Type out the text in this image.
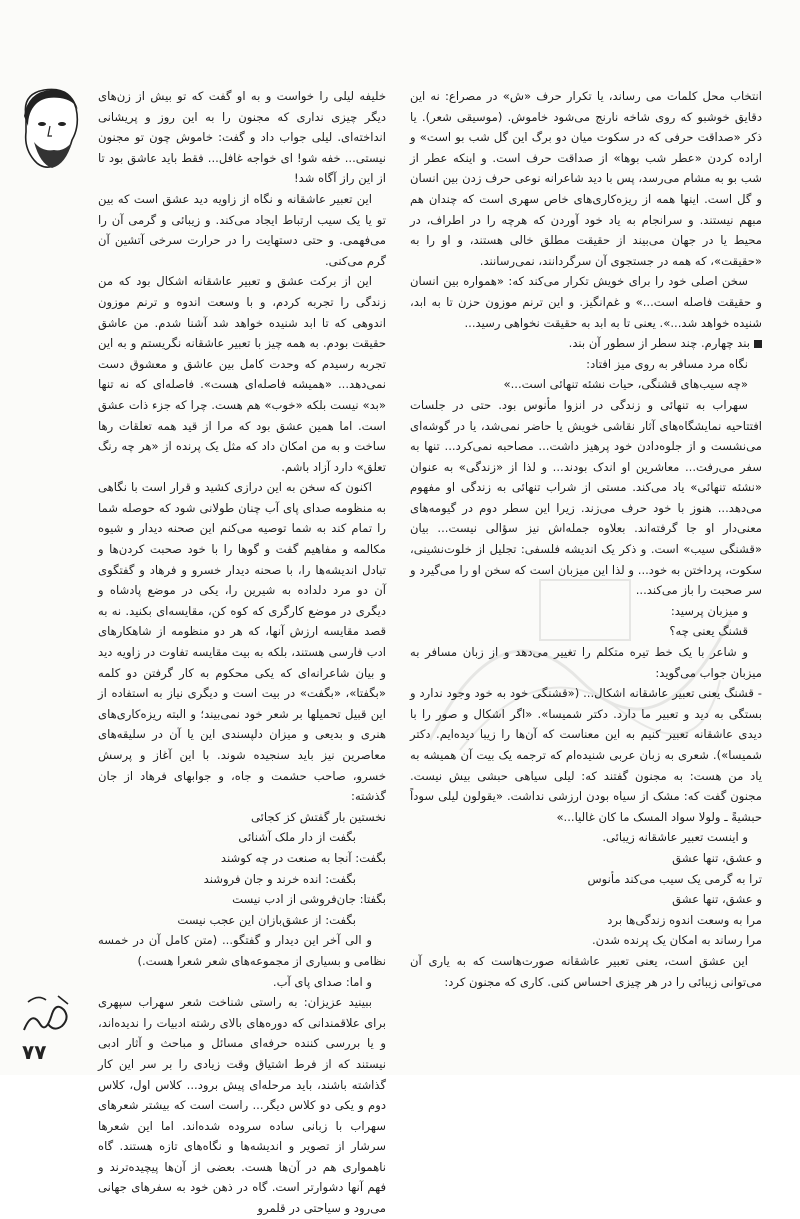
انتخاب محل کلمات می رساند، یا تکرار حرف «ش» در مصراع: نه این دقایق خوشبو که روی شاخه نارنج می‌شود خاموش. (موسیقی شعر). یا ذکر «صداقت حرفی که در سکوت میان دو برگ این گل شب بو است» و اراده کردن «عطر شب بوها» از صداقت حرف است. و اینکه عطر از شب بو به مشام می‌رسد، پس با دید شاعرانه نوعی حرف زدن بین انسان و گل است. اینها همه از ریزه‌کاری‌های خاص سهری است که چندان هم مبهم نیستند. و سرانجام به یاد خود آوردن که هرچه را در اطراف، در محیط یا در جهان می‌بیند از حقیقت مطلق خالی هستند، و او را به «حقیقت»، که همه در جستجوی آن سرگردانند، نمی‌رسانند.

سخن اصلی خود را برای خویش تکرار می‌کند که: «همواره بین انسان و حقیقت فاصله است...» و غم‌انگیز. و این ترنم موزون حزن تا به ابد، شنیده خواهد شد...». یعنی تا به ابد به حقیقت نخواهی رسید...

بند چهارم. چند سطر از سطور آن بند.

نگاه مرد مسافر به روی میز افتاد:

«چه سیب‌های قشنگی، حیات نشئه تنهائی است...»

سهراب به تنهائی و زندگی در انزوا مأنوس بود. حتی در جلسات افتتاحیه نمایشگاه‌های آثار نقاشی خویش یا حاضر نمی‌شد، یا در گوشه‌ای می‌نشست و از جلوه‌دادن خود پرهیز داشت... مصاحبه نمی‌کرد... تنها به سفر می‌رفت... معاشرین او اندک بودند... و لذا از «زندگی» به عنوان «نشئه تنهائی» یاد می‌کند. مستی از شراب تنهائی به زندگی او مفهوم می‌دهد... هنوز با خود حرف می‌زند. زیرا این سطر دوم در گیومه‌های معنی‌دار او جا گرفته‌اند. بعلاوه جمله‌اش نیز سؤالی نیست... بیان «قشنگی سیب» است. و ذکر یک اندیشه فلسفی: تجلیل از خلوت‌نشینی، سکوت، پرداختن به خود... و لذا این میزبان است که سخن او را می‌گیرد و سر صحبت را باز می‌کند...

و میزبان پرسید:

قشنگ یعنی چه؟

و شاعر با یک خط تیره متکلم را تغییر می‌دهد و از زبان مسافر به میزبان جواب می‌گوید:

- قشنگ یعنی تعبیر عاشقانه اشکال... («قشنگی خود به خود وجود ندارد و بستگی به دید و تعبیر ما دارد. دکتر شمیسا». «اگر اشکال و صور را با دیدی عاشقانه تعبیر کنیم به این معناست که آن‌ها را زیبا دیده‌ایم. دکتر شمیسا»). شعری به زبان عربی شنیده‌ام که ترجمه یک بیت آن همیشه به یاد من هست: به مجنون گفتند که: لیلی سیاهی حبشی بیش نیست. مجنون گفت که: مشک از سیاه بودن ارزشی نداشت. «یقولون لیلی سوداً حبشیةً ـ ولولا سواد المسک ما کان غالیا...»

و اینست تعبیر عاشقانه زیبائی.

و عشق، تنها عشق

ترا به گرمی یک سیب می‌کند مأنوس

و عشق، تنها عشق

مرا به وسعت اندوه زندگی‌ها برد

مرا رساند به امکان یک پرنده شدن.

این عشق است، یعنی تعبیر عاشقانه صورت‌هاست که به یاری آن می‌توانی زیبائی را در هر چیزی احساس کنی. کاری که مجنون کرد:

خلیفه لیلی را خواست و به او گفت که تو بیش از زن‌های دیگر چیزی نداری که مجنون را به این روز و پریشانی انداخته‌ای. لیلی جواب داد و گفت: خاموش چون تو مجنون نیستی... خفه شو! ای خواجه غافل... فقط باید عاشق بود تا از این راز آگاه شد!

این تعبیر عاشقانه و نگاه از زاویه دید عشق است که بین تو یا یک سیب ارتباط ایجاد می‌کند. و زیبائی و گرمی آن را می‌فهمی. و حتی دستهایت را در حرارت سرخی آتشین آن گرم می‌کنی.

این از برکت عشق و تعبیر عاشقانه اشکال بود که من زندگی را تجربه کردم، و با وسعت اندوه و ترنم موزون اندوهی که تا ابد شنیده خواهد شد آشنا شدم. من عاشق حقیقت بودم. به همه چیز با تعبیر عاشقانه نگریستم و به این تجربه رسیدم که وحدت کامل بین عاشق و معشوق دست نمی‌دهد... «همیشه فاصله‌ای هست». فاصله‌ای که نه تنها «بد» نیست بلکه «خوب» هم هست. چرا که جزء ذات عشق است. اما همین عشق بود که مرا از قید همه تعلقات رها ساخت و به من امکان داد که مثل یک پرنده از «هر چه رنگ تعلق» دارد آزاد باشم.

اکنون که سخن به این درازی کشید و قرار است با نگاهی به منظومه صدای پای آب چنان طولانی شود که حوصله شما را تمام کند به شما توصیه می‌کنم این صحنه دیدار و شیوه مکالمه و مفاهیم گفت و گوها را با خود صحبت کردن‌ها و تبادل اندیشه‌ها را، با صحنه دیدار خسرو و فرهاد و گفتگوی آن دو مرد دلداده به شیرین را، یکی در موضع پادشاه و دیگری در موضع کارگری که کوه کن، مقایسه‌ای بکنید. نه به قصد مقایسه ارزش آنها، که هر دو منظومه از شاهکارهای ادب فارسی هستند، بلکه به بیت مقایسه تفاوت در زاویه دید و بیان شاعرانه‌ای که یکی محکوم به کار گرفتن دو کلمه «بگفتا»، «بگفت» در بیت است و دیگری نیاز به استفاده از این قبیل تحمیلها بر شعر خود نمی‌بیند؛ و البته ریزه‌کاری‌های هنری و بدیعی و میزان دلپسندی این یا آن در سلیقه‌های معاصرین نیز باید سنجیده شوند. با این آغاز و پرسش خسرو، صاحب حشمت و جاه، و جوابهای فرهاد از جان گذشته:

نخستین بار گفتش کز کجائی

بگفت از دار ملک آشنائی

بگفت: آنجا به صنعت در چه کوشند

بگفت: انده خرند و جان فروشند

بگفتا: جان‌فروشی از ادب نیست

بگفت: از عشق‌بازان این عجب نیست

و الی آخر این دیدار و گفتگو... (متن کامل آن در خمسه نظامی و بسیاری از مجموعه‌های شعر شعرا هست.)

و اما: صدای پای آب.

ببینید عزیزان: به راستی شناخت شعر سهراب سپهری برای علاقمندانی که دوره‌های بالای رشته ادبیات را ندیده‌اند، و یا بررسی کننده حرفه‌ای مسائل و مباحث و آثار ادبی نیستند که از فرط اشتیاق وقت زیادی را بر سر این کار گذاشته باشند، باید مرحله‌ای پیش برود... کلاس اول، کلاس دوم و یکی دو کلاس دیگر... راست است که بیشتر شعرهای سهراب با زبانی ساده سروده شده‌اند. اما این شعرها سرشار از تصویر و اندیشه‌ها و نگاه‌های تازه هستند. گاه ناهمواری هم در آن‌ها هست. بعضی از آن‌ها پیچیده‌ترند و فهم آنها دشوارتر است. گاه در ذهن خود به سفرهای جهانی می‌رود و سیاحتی در قلمرو

۷۷
